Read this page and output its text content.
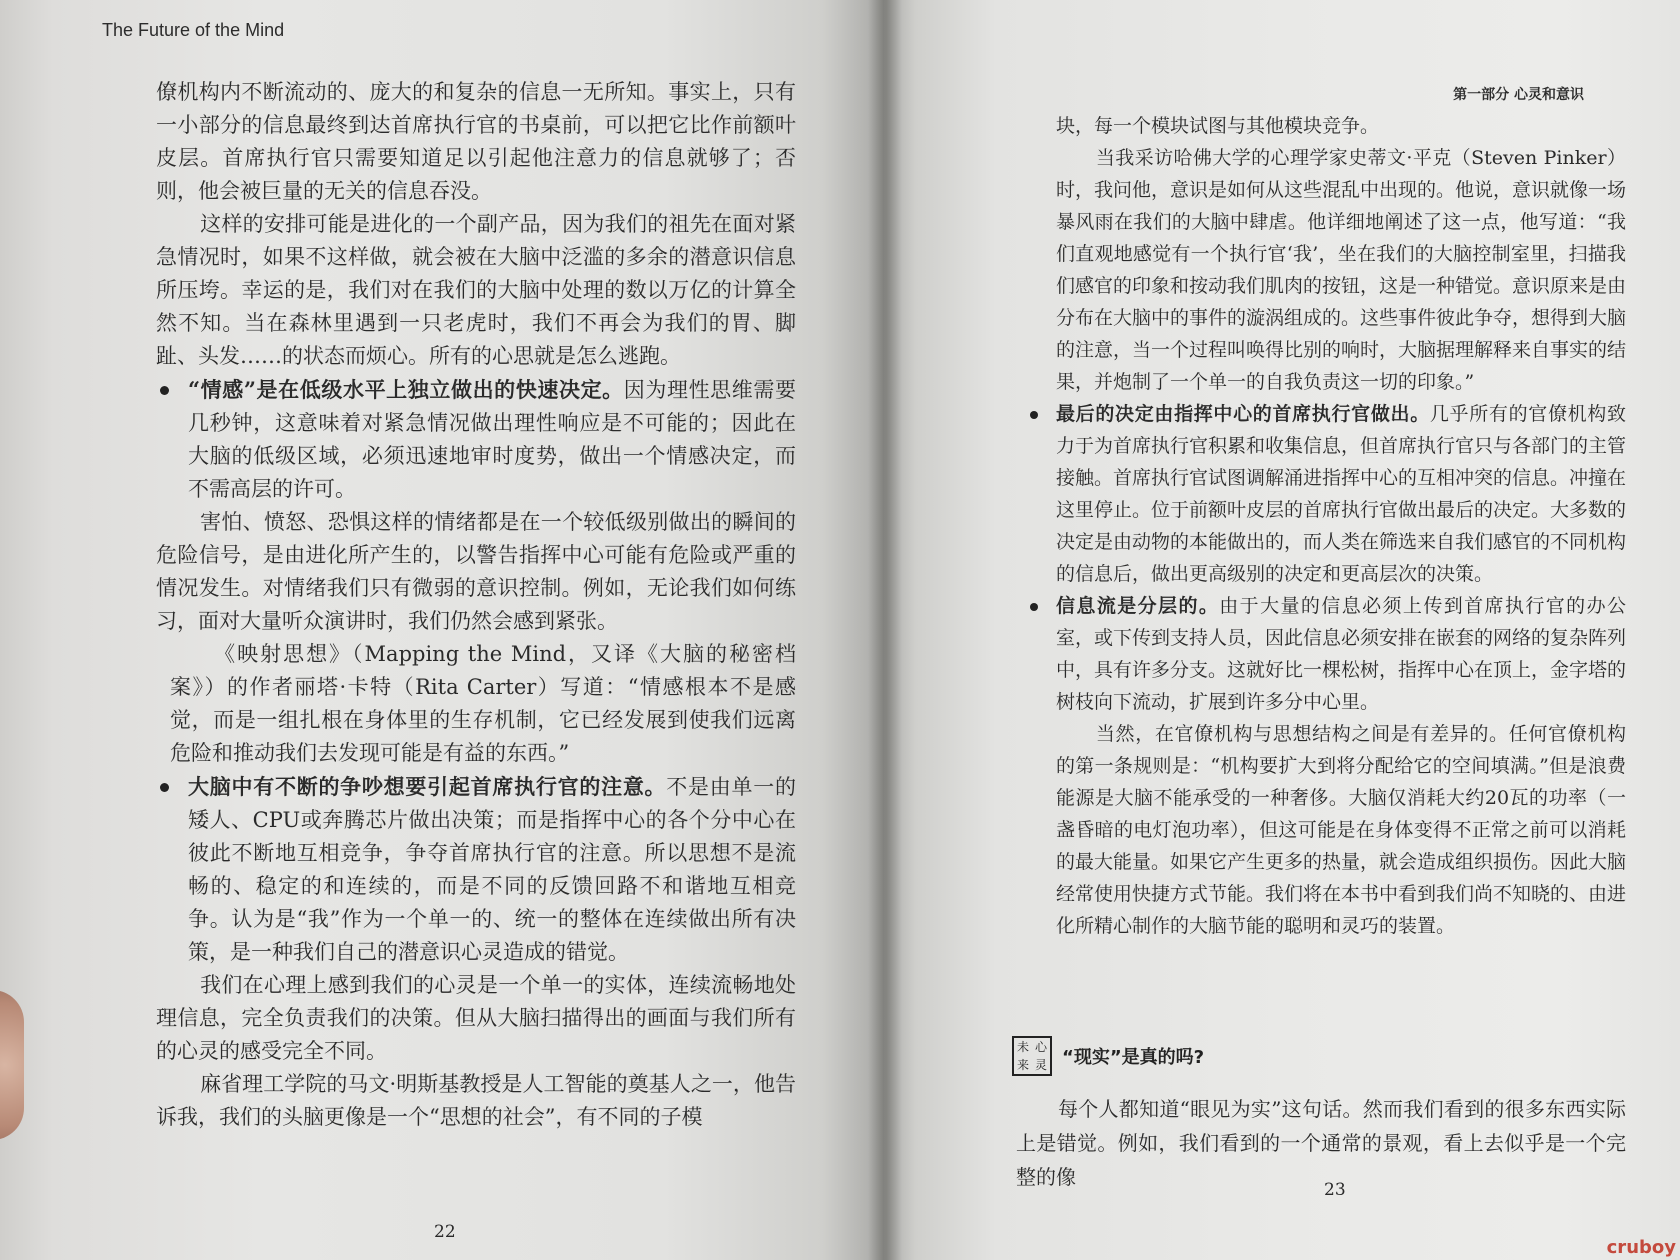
The Future of the Mind

僚机构内不断流动的、庞大的和复杂的信息一无所知。事实上，只有一小部分的信息最终到达首席执行官的书桌前，可以把它比作前额叶皮层。首席执行官只需要知道足以引起他注意力的信息就够了；否则，他会被巨量的无关的信息吞没。

这样的安排可能是进化的一个副产品，因为我们的祖先在面对紧急情况时，如果不这样做，就会被在大脑中泛滥的多余的潜意识信息所压垮。幸运的是，我们对在我们的大脑中处理的数以万亿的计算全然不知。当在森林里遇到一只老虎时，我们不再会为我们的胃、脚趾、头发……的状态而烦心。所有的心思就是怎么逃跑。

“情感”是在低级水平上独立做出的快速决定。因为理性思维需要几秒钟，这意味着对紧急情况做出理性响应是不可能的；因此在大脑的低级区域，必须迅速地审时度势，做出一个情感决定，而不需高层的许可。

害怕、愤怒、恐惧这样的情绪都是在一个较低级别做出的瞬间的危险信号，是由进化所产生的，以警告指挥中心可能有危险或严重的情况发生。对情绪我们只有微弱的意识控制。例如，无论我们如何练习，面对大量听众演讲时，我们仍然会感到紧张。

《映射思想》（Mapping the Mind，又译《大脑的秘密档案》）的作者丽塔·卡特（Rita Carter）写道：“情感根本不是感觉，而是一组扎根在身体里的生存机制，它已经发展到使我们远离危险和推动我们去发现可能是有益的东西。”

大脑中有不断的争吵想要引起首席执行官的注意。不是由单一的矮人、CPU或奔腾芯片做出决策；而是指挥中心的各个分中心在彼此不断地互相竞争，争夺首席执行官的注意。所以思想不是流畅的、稳定的和连续的，而是不同的反馈回路不和谐地互相竞争。认为是“我”作为一个单一的、统一的整体在连续做出所有决策，是一种我们自己的潜意识心灵造成的错觉。

我们在心理上感到我们的心灵是一个单一的实体，连续流畅地处理信息，完全负责我们的决策。但从大脑扫描得出的画面与我们所有的心灵的感受完全不同。

麻省理工学院的马文·明斯基教授是人工智能的奠基人之一，他告诉我，我们的头脑更像是一个“思想的社会”，有不同的子模

22
第一部分 心灵和意识

块，每一个模块试图与其他模块竞争。

当我采访哈佛大学的心理学家史蒂文·平克（Steven Pinker）时，我问他，意识是如何从这些混乱中出现的。他说，意识就像一场暴风雨在我们的大脑中肆虐。他详细地阐述了这一点，他写道：“我们直观地感觉有一个执行官‘我’，坐在我们的大脑控制室里，扫描我们感官的印象和按动我们肌肉的按钮，这是一种错觉。意识原来是由分布在大脑中的事件的漩涡组成的。这些事件彼此争夺，想得到大脑的注意，当一个过程叫唤得比别的响时，大脑据理解释来自事实的结果，并炮制了一个单一的自我负责这一切的印象。”

最后的决定由指挥中心的首席执行官做出。几乎所有的官僚机构致力于为首席执行官积累和收集信息，但首席执行官只与各部门的主管接触。首席执行官试图调解涌进指挥中心的互相冲突的信息。冲撞在这里停止。位于前额叶皮层的首席执行官做出最后的决定。大多数的决定是由动物的本能做出的，而人类在筛选来自我们感官的不同机构的信息后，做出更高级别的决定和更高层次的决策。
信息流是分层的。由于大量的信息必须上传到首席执行官的办公室，或下传到支持人员，因此信息必须安排在嵌套的网络的复杂阵列中，具有许多分支。这就好比一棵松树，指挥中心在顶上，金字塔的树枝向下流动，扩展到许多分中心里。

当然，在官僚机构与思想结构之间是有差异的。任何官僚机构的第一条规则是：“机构要扩大到将分配给它的空间填满。”但是浪费能源是大脑不能承受的一种奢侈。大脑仅消耗大约20瓦的功率（一盏昏暗的电灯泡功率），但这可能是在身体变得不正常之前可以消耗的最大能量。如果它产生更多的热量，就会造成组织损伤。因此大脑经常使用快捷方式节能。我们将在本书中看到我们尚不知晓的、由进化所精心制作的大脑节能的聪明和灵巧的装置。

未 心
来 灵 “现实”是真的吗?

每个人都知道“眼见为实”这句话。然而我们看到的很多东西实际上是错觉。例如，我们看到的一个通常的景观，看上去似乎是一个完整的像

23
cruboy
